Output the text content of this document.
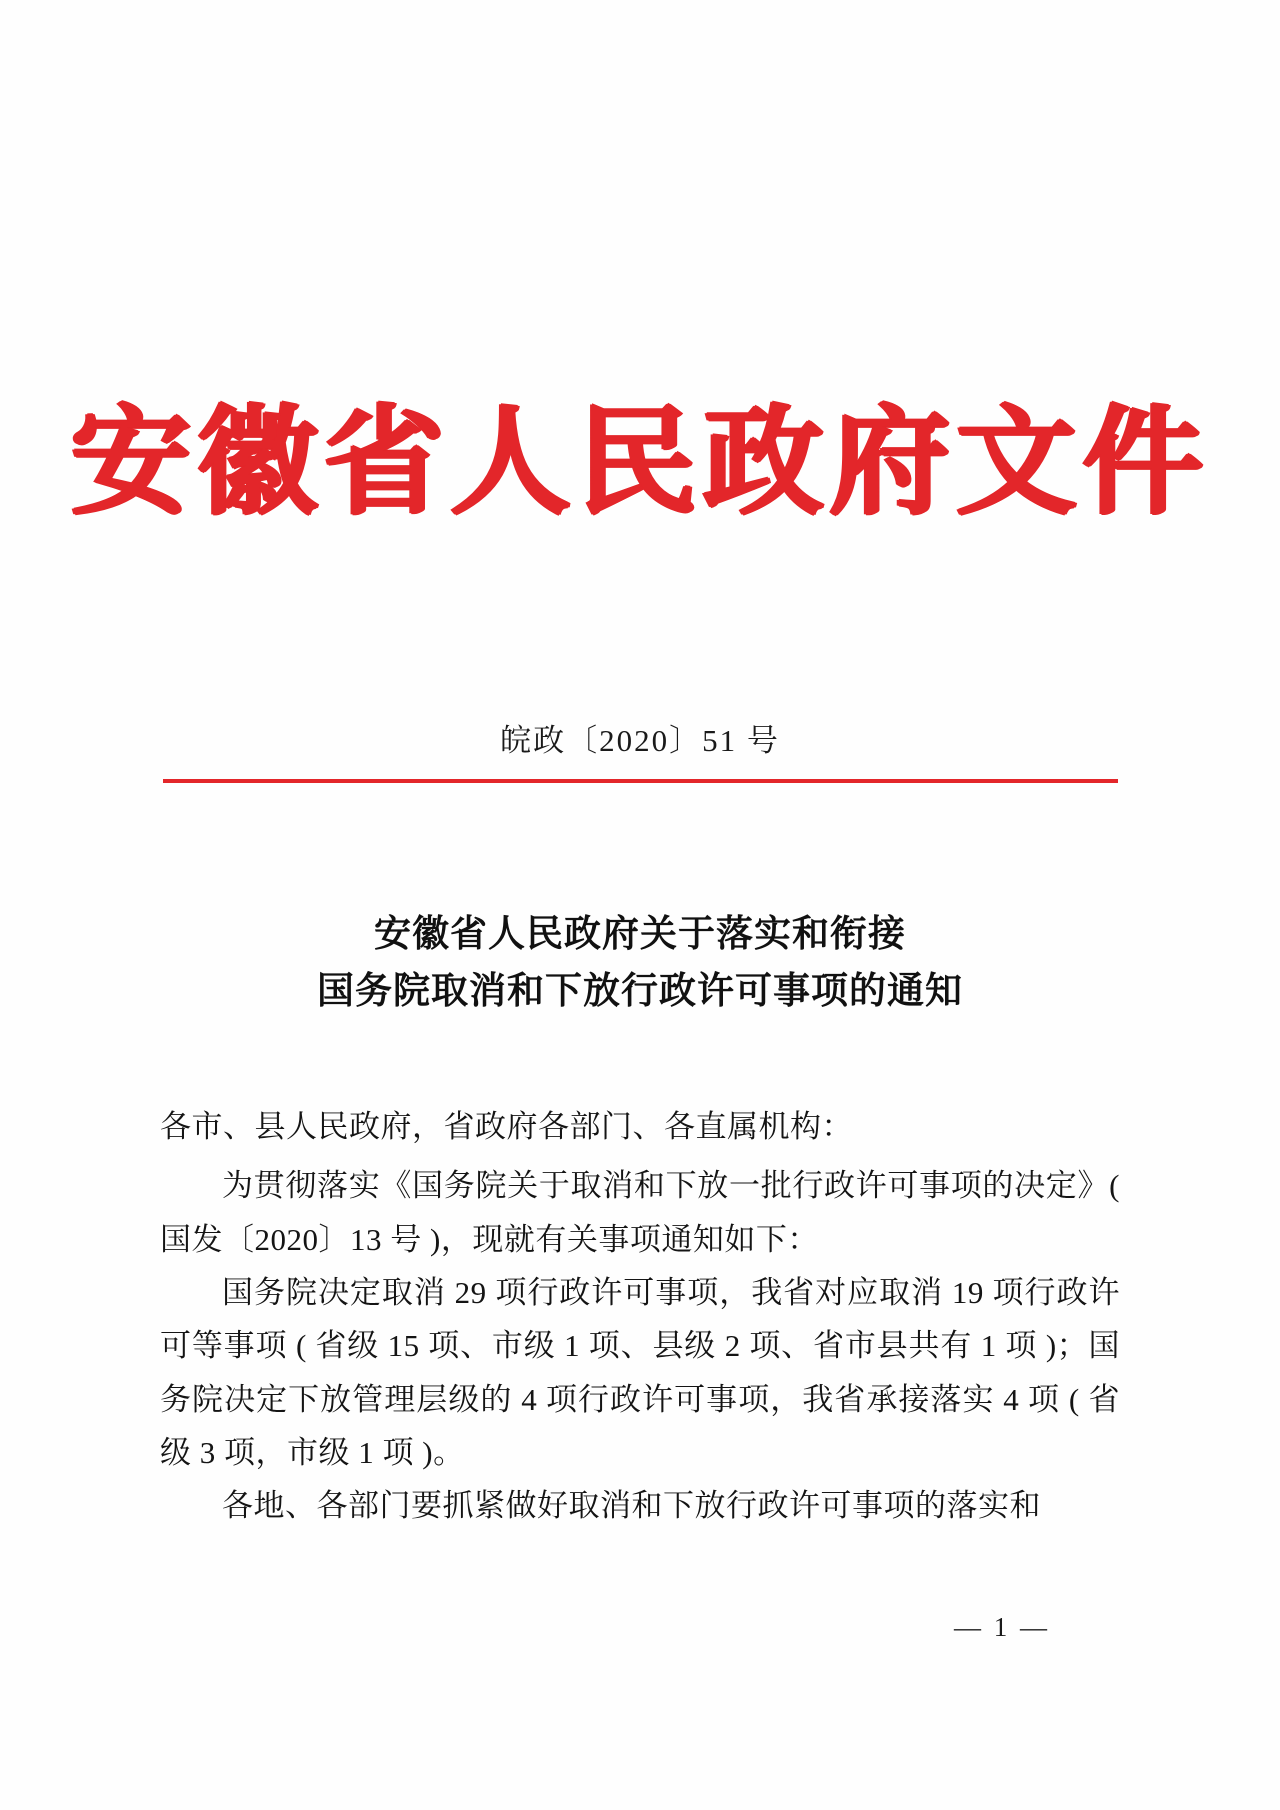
安徽省人民政府文件
皖政〔2020〕51 号
安徽省人民政府关于落实和衔接
国务院取消和下放行政许可事项的通知

各市、县人民政府，省政府各部门、各直属机构：

为贯彻落实《国务院关于取消和下放一批行政许可事项的决定》( 国发〔2020〕13 号 )，现就有关事项通知如下：

国务院决定取消 29 项行政许可事项，我省对应取消 19 项行政许可等事项 ( 省级 15 项、市级 1 项、县级 2 项、省市县共有 1 项 )；国务院决定下放管理层级的 4 项行政许可事项，我省承接落实 4 项 ( 省级 3 项，市级 1 项 )。

各地、各部门要抓紧做好取消和下放行政许可事项的落实和

— 1 —
